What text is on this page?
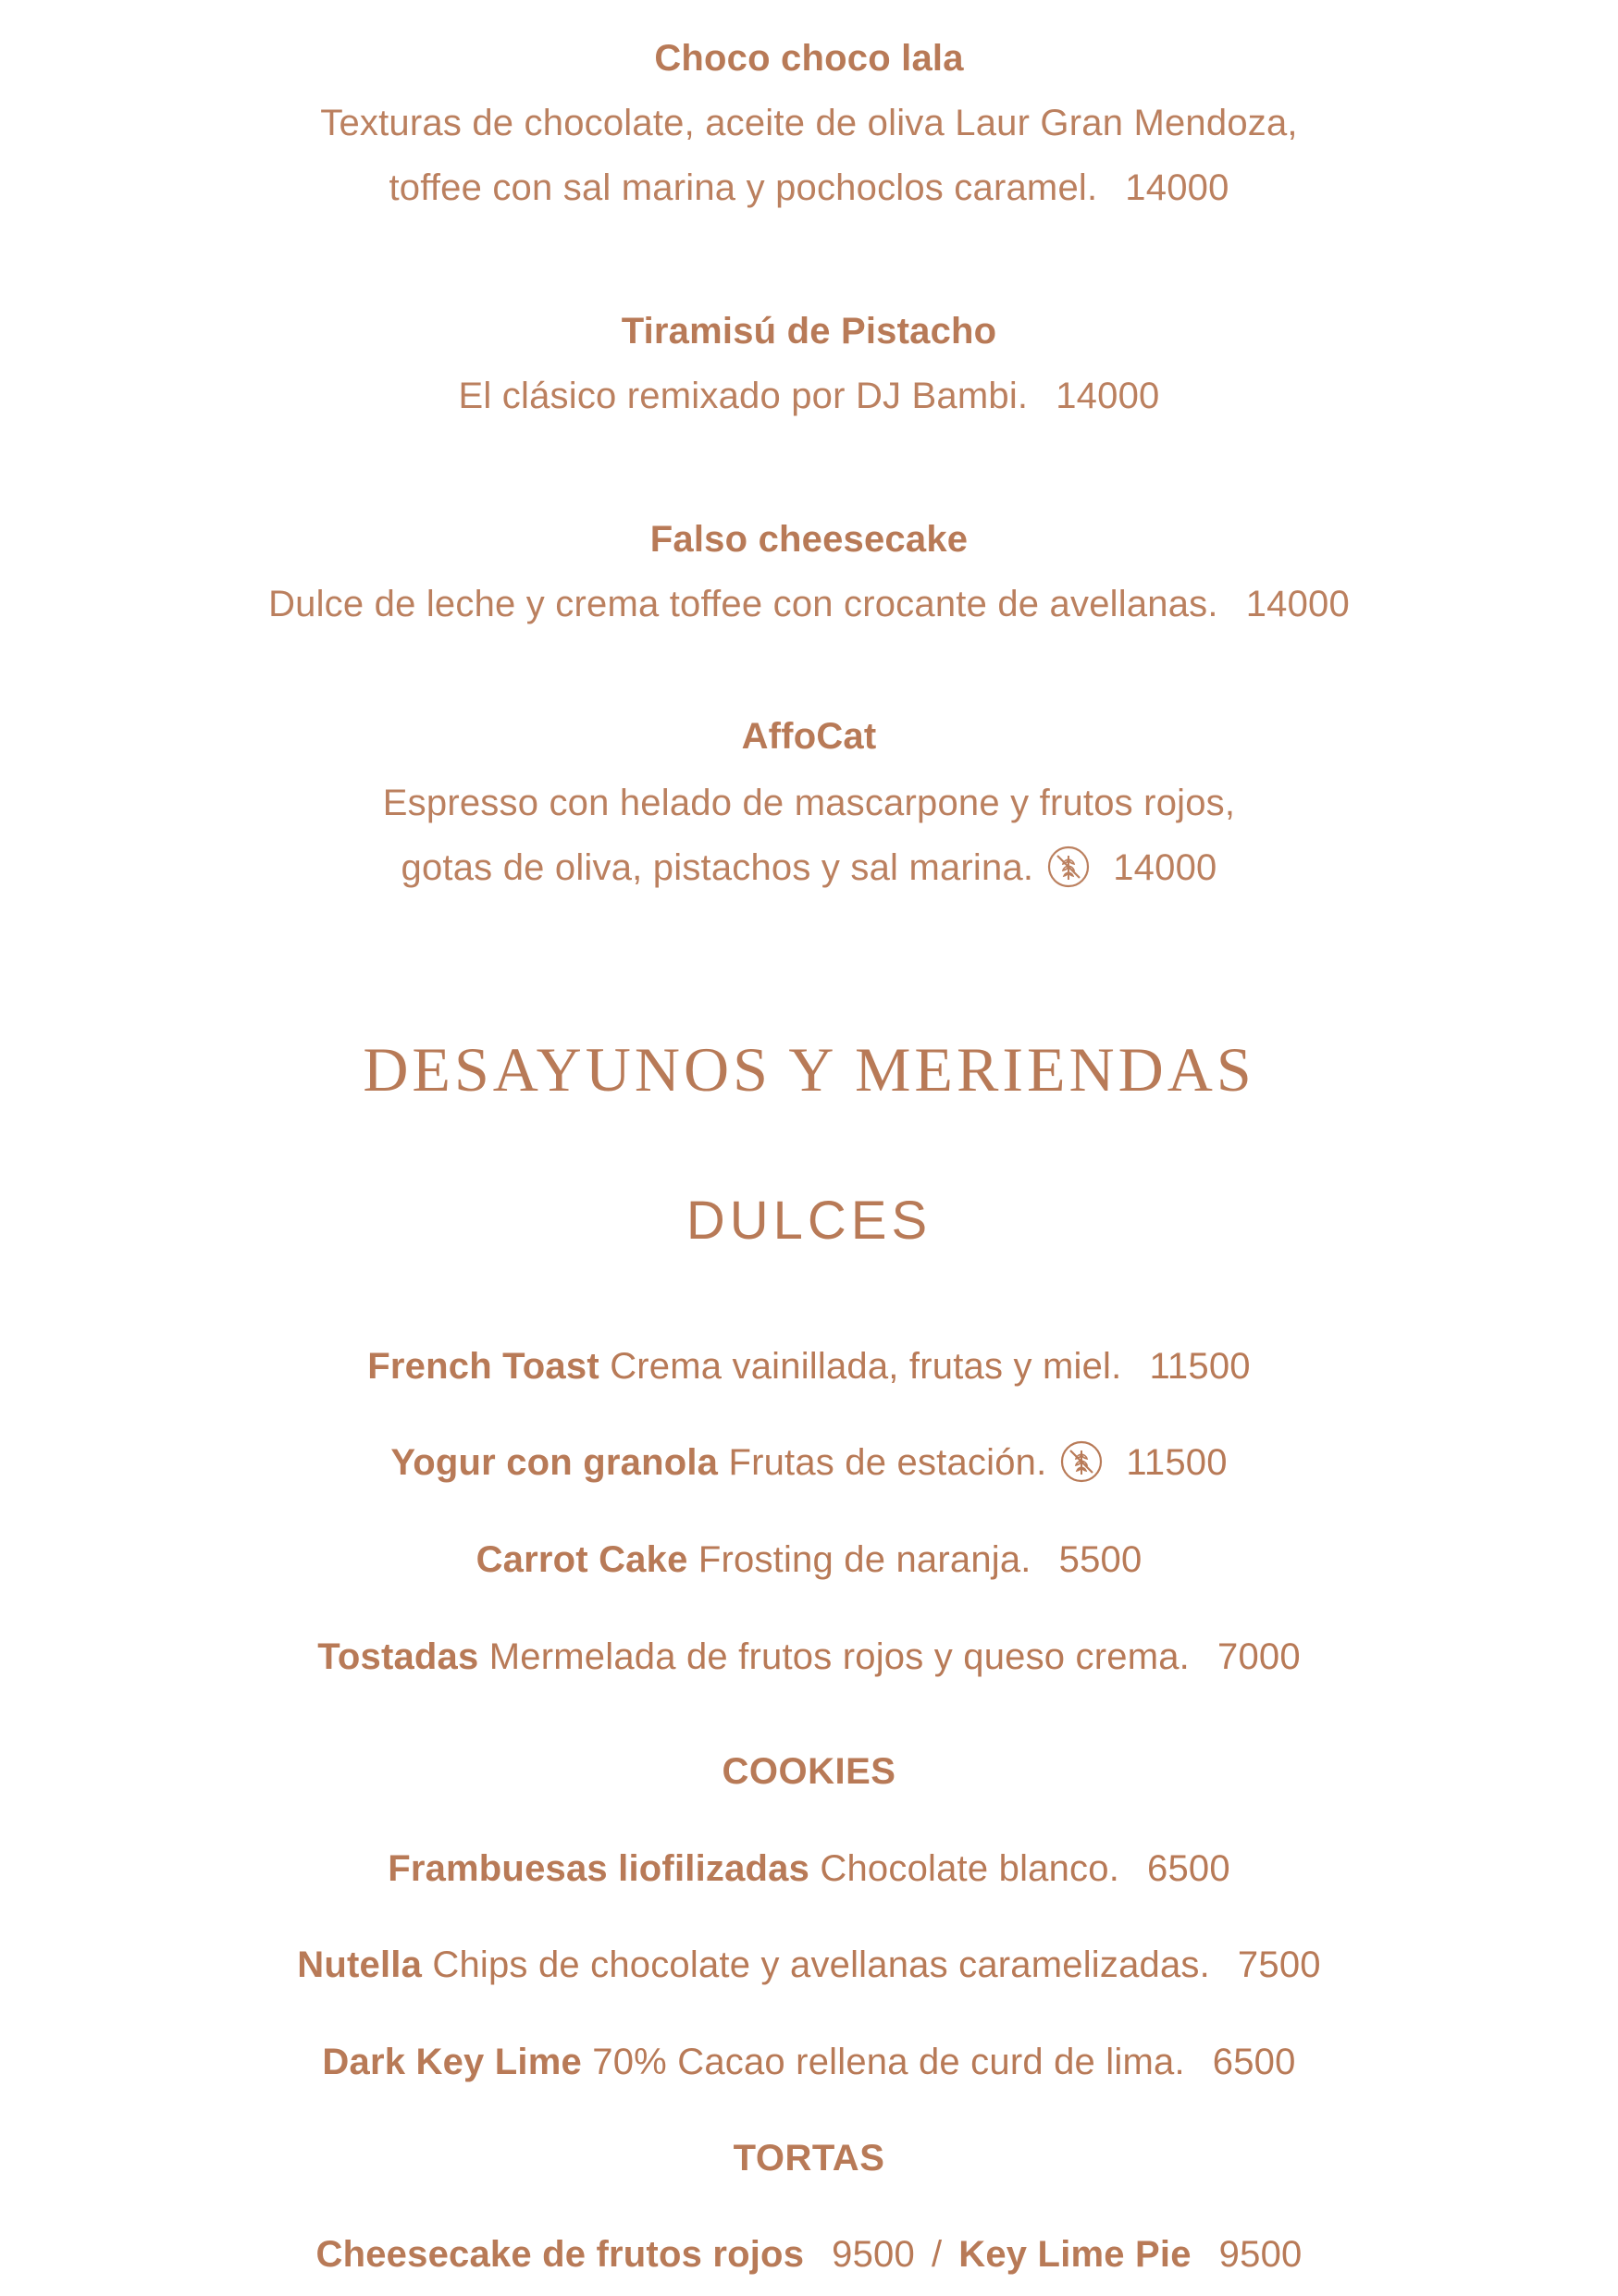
Choco choco lala
Texturas de chocolate, aceite de oliva Laur Gran Mendoza,
toffee con sal marina y pochoclos caramel. 14000
Tiramisú de Pistacho
El clásico remixado por DJ Bambi. 14000
Falso cheesecake
Dulce de leche y crema toffee con crocante de avellanas. 14000
AffoCat
Espresso con helado de mascarpone y frutos rojos,
gotas de oliva, pistachos y sal marina. 14000
DESAYUNOS Y MERIENDAS
DULCES
French Toast Crema vainillada, frutas y miel. 11500
Yogur con granola Frutas de estación. 11500
Carrot Cake Frosting de naranja. 5500
Tostadas Mermelada de frutos rojos y queso crema. 7000
COOKIES
Frambuesas liofilizadas Chocolate blanco. 6500
Nutella Chips de chocolate y avellanas caramelizadas. 7500
Dark Key Lime 70% Cacao rellena de curd de lima. 6500
TORTAS
Cheesecake de frutos rojos 9500 / Key Lime Pie 9500
